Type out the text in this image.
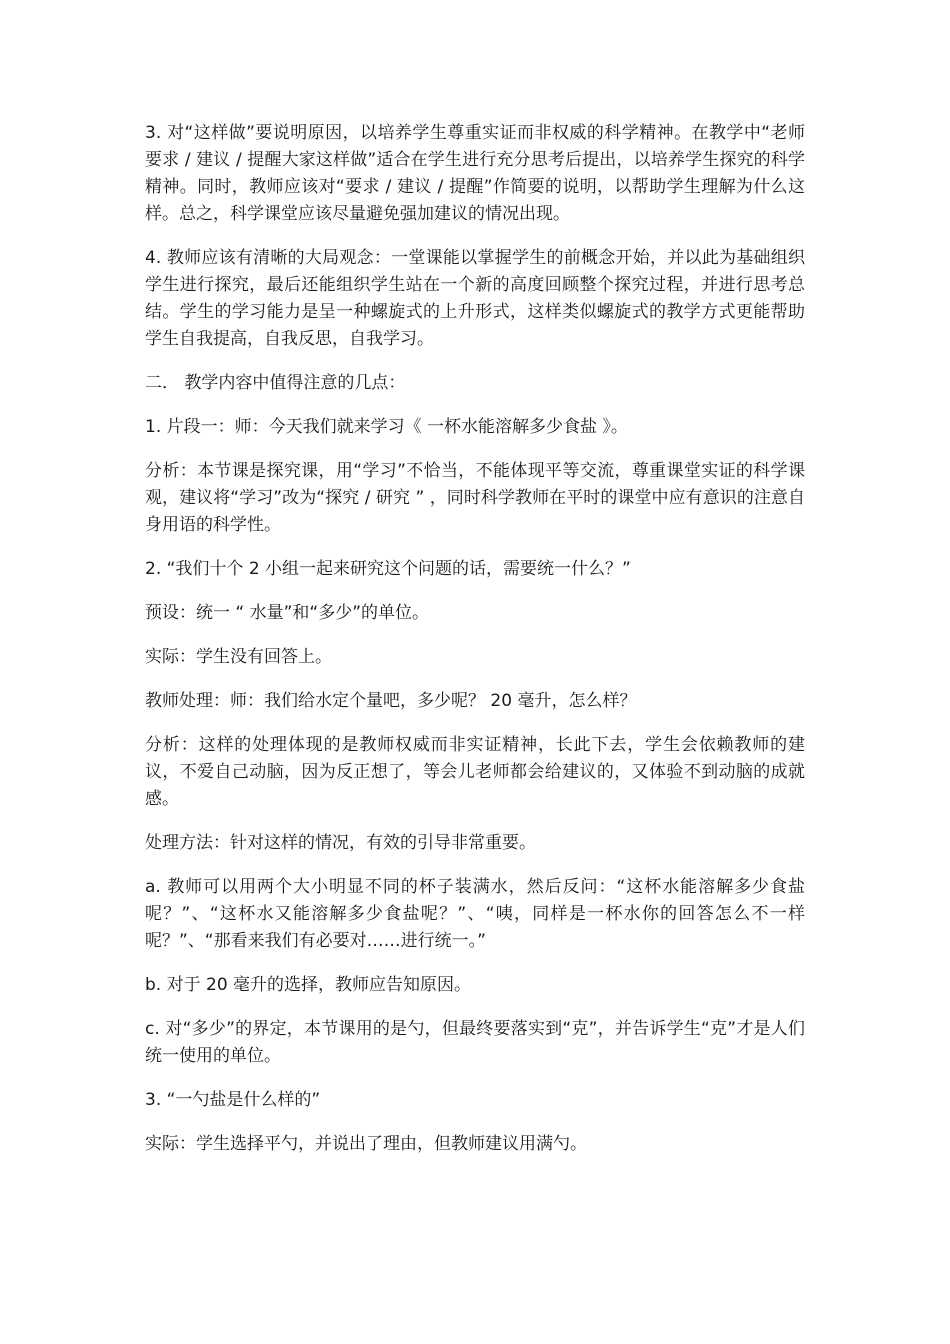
3. 对“这样做”要说明原因，以培养学生尊重实证而非权威的科学精神。在教学中“老师要求 / 建议 / 提醒大家这样做”适合在学生进行充分思考后提出，以培养学生探究的科学精神。同时，教师应该对“要求 / 建议 / 提醒”作简要的说明，以帮助学生理解为什么这样。总之，科学课堂应该尽量避免强加建议的情况出现。

4. 教师应该有清晰的大局观念：一堂课能以掌握学生的前概念开始，并以此为基础组织学生进行探究，最后还能组织学生站在一个新的高度回顾整个探究过程，并进行思考总结。学生的学习能力是呈一种螺旋式的上升形式，这样类似螺旋式的教学方式更能帮助学生自我提高，自我反思，自我学习。

二． 教学内容中值得注意的几点：

1. 片段一：师：今天我们就来学习《 一杯水能溶解多少食盐 》。

分析：本节课是探究课，用“学习”不恰当，不能体现平等交流，尊重课堂实证的科学课观，建议将“学习”改为“探究 / 研究 ” ，同时科学教师在平时的课堂中应有意识的注意自身用语的科学性。

2. “我们十个 2 小组一起来研究这个问题的话，需要统一什么？”

预设：统一 “ 水量”和“多少”的单位。

实际：学生没有回答上。

教师处理：师：我们给水定个量吧，多少呢？ 20 毫升，怎么样？

分析：这样的处理体现的是教师权威而非实证精神，长此下去，学生会依赖教师的建议，不爱自己动脑，因为反正想了，等会儿老师都会给建议的，又体验不到动脑的成就感。

处理方法：针对这样的情况，有效的引导非常重要。

a. 教师可以用两个大小明显不同的杯子装满水，然后反问：“这杯水能溶解多少食盐呢？”、“这杯水又能溶解多少食盐呢？”、“咦，同样是一杯水你的回答怎么不一样呢？”、“那看来我们有必要对……进行统一。”

b. 对于 20 毫升的选择，教师应告知原因。

c. 对“多少”的界定，本节课用的是勺，但最终要落实到“克”，并告诉学生“克”才是人们统一使用的单位。

3. “一勺盐是什么样的”

实际：学生选择平勺，并说出了理由，但教师建议用满勺。
